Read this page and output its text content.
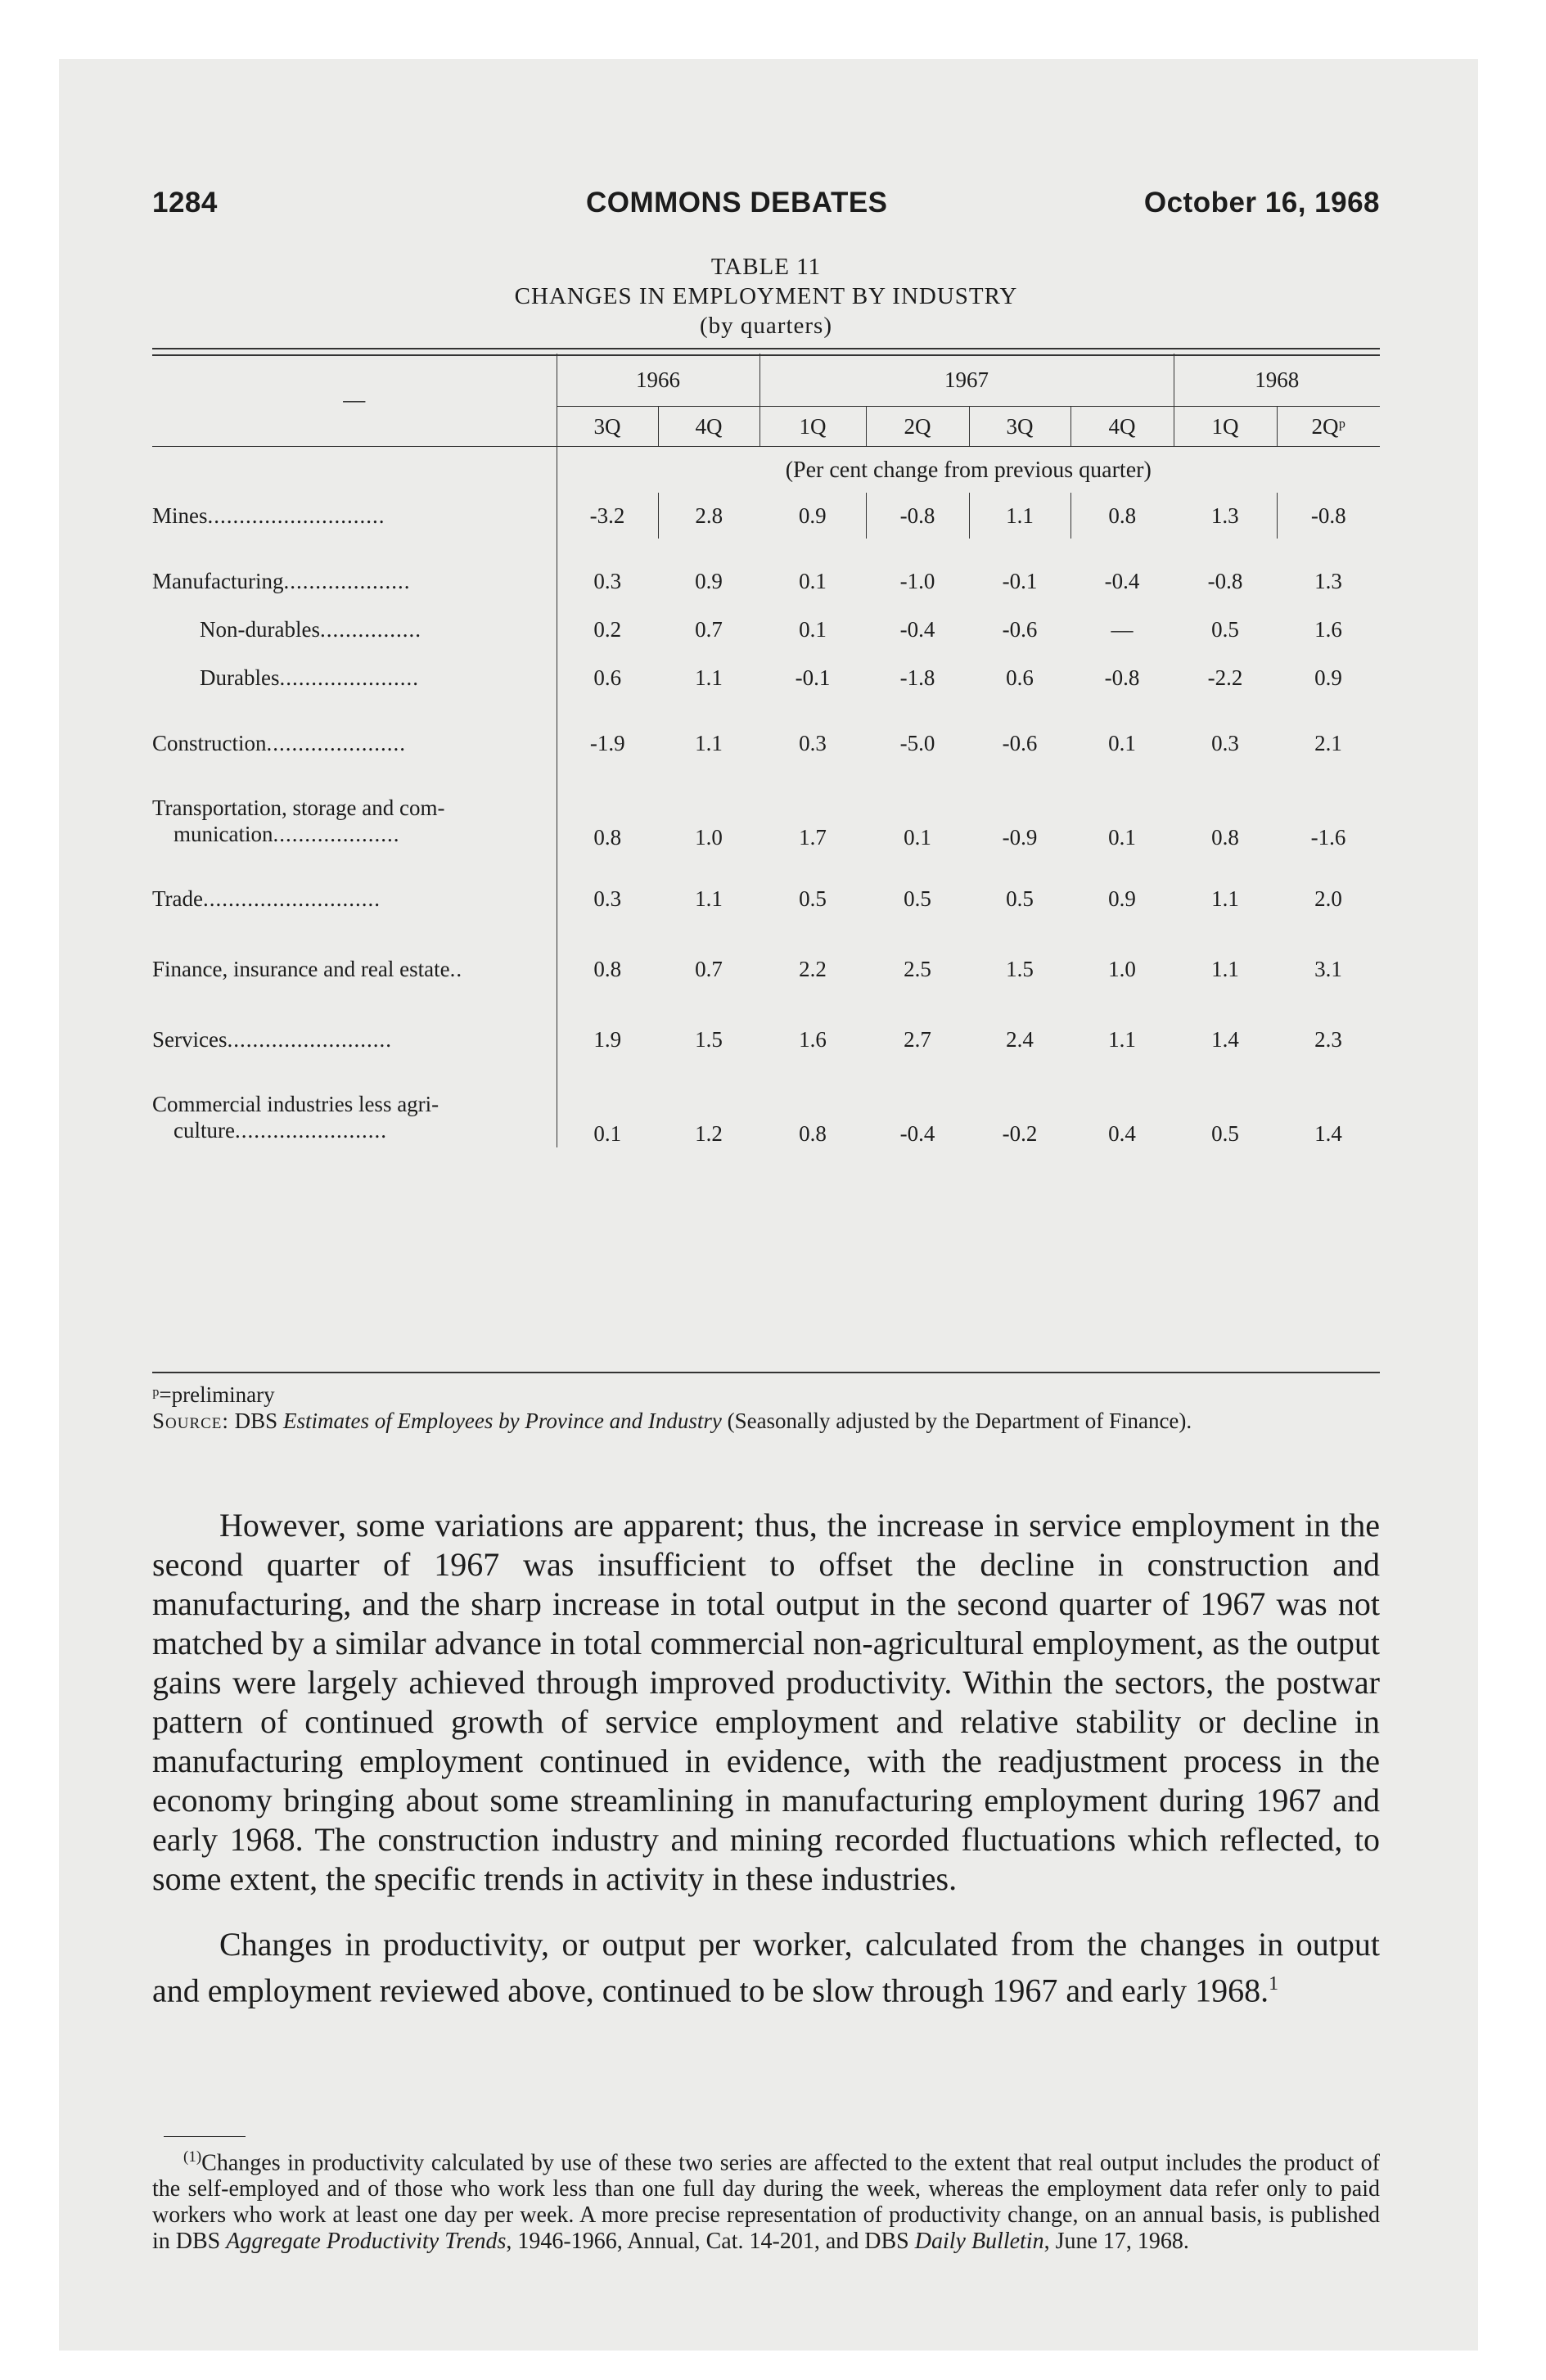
1284	COMMONS DEBATES	October 16, 1968
TABLE 11
CHANGES IN EMPLOYMENT BY INDUSTRY
(by quarters)
—	1966		1967				1968	
	3Q	4Q	1Q	2Q	3Q	4Q	1Q	2Qᵖ
	(Per cent change from previous quarter)							
Mines............................	-3.2	2.8	0.9	-0.8	1.1	0.8	1.3	-0.8

Manufacturing....................	0.3	0.9	0.1	-1.0	-0.1	-0.4	-0.8	1.3
Non-durables................	0.2	0.7	0.1	-0.4	-0.6	—	0.5	1.6
Durables......................	0.6	1.1	-0.1	-1.8	0.6	-0.8	-2.2	0.9

Construction......................	-1.9	1.1	0.3	-5.0	-0.6	0.1	0.3	2.1

Transportation, storage and com-
munication....................	0.8	1.0	1.7	0.1	-0.9	0.1	0.8	-1.6

Trade............................	0.3	1.1	0.5	0.5	0.5	0.9	1.1	2.0

Finance, insurance and real estate..	0.8	0.7	2.2	2.5	1.5	1.0	1.1	3.1

Services..........................	1.9	1.5	1.6	2.7	2.4	1.1	1.4	2.3

Commercial industries less agri-
culture........................	0.1	1.2	0.8	-0.4	-0.2	0.4	0.5	1.4
ᵖ=preliminary
Source: DBS Estimates of Employees by Province and Industry (Seasonally adjusted by the Department of Finance).

However, some variations are apparent; thus, the increase in service employment in the second quarter of 1967 was insufficient to offset the decline in construction and manufacturing, and the sharp increase in total output in the second quarter of 1967 was not matched by a similar advance in total commercial non-agricultural employment, as the output gains were largely achieved through improved productivity. Within the sectors, the postwar pattern of continued growth of service employment and relative stability or decline in manufacturing employment continued in evidence, with the readjustment process in the economy bringing about some streamlining in manufacturing employment during 1967 and early 1968. The construction industry and mining recorded fluctuations which reflected, to some extent, the specific trends in activity in these industries.

Changes in productivity, or output per worker, calculated from the changes in output and employment reviewed above, continued to be slow through 1967 and early 1968.$^1$

$^{(1)}$Changes in productivity calculated by use of these two series are affected to the extent that real output includes the product of the self-employed and of those who work less than one full day during the week, whereas the employment data refer only to paid workers who work at least one day per week. A more precise representation of productivity change, on an annual basis, is published in DBS Aggregate Productivity Trends, 1946-1966, Annual, Cat. 14-201, and DBS Daily Bulletin, June 17, 1968.
